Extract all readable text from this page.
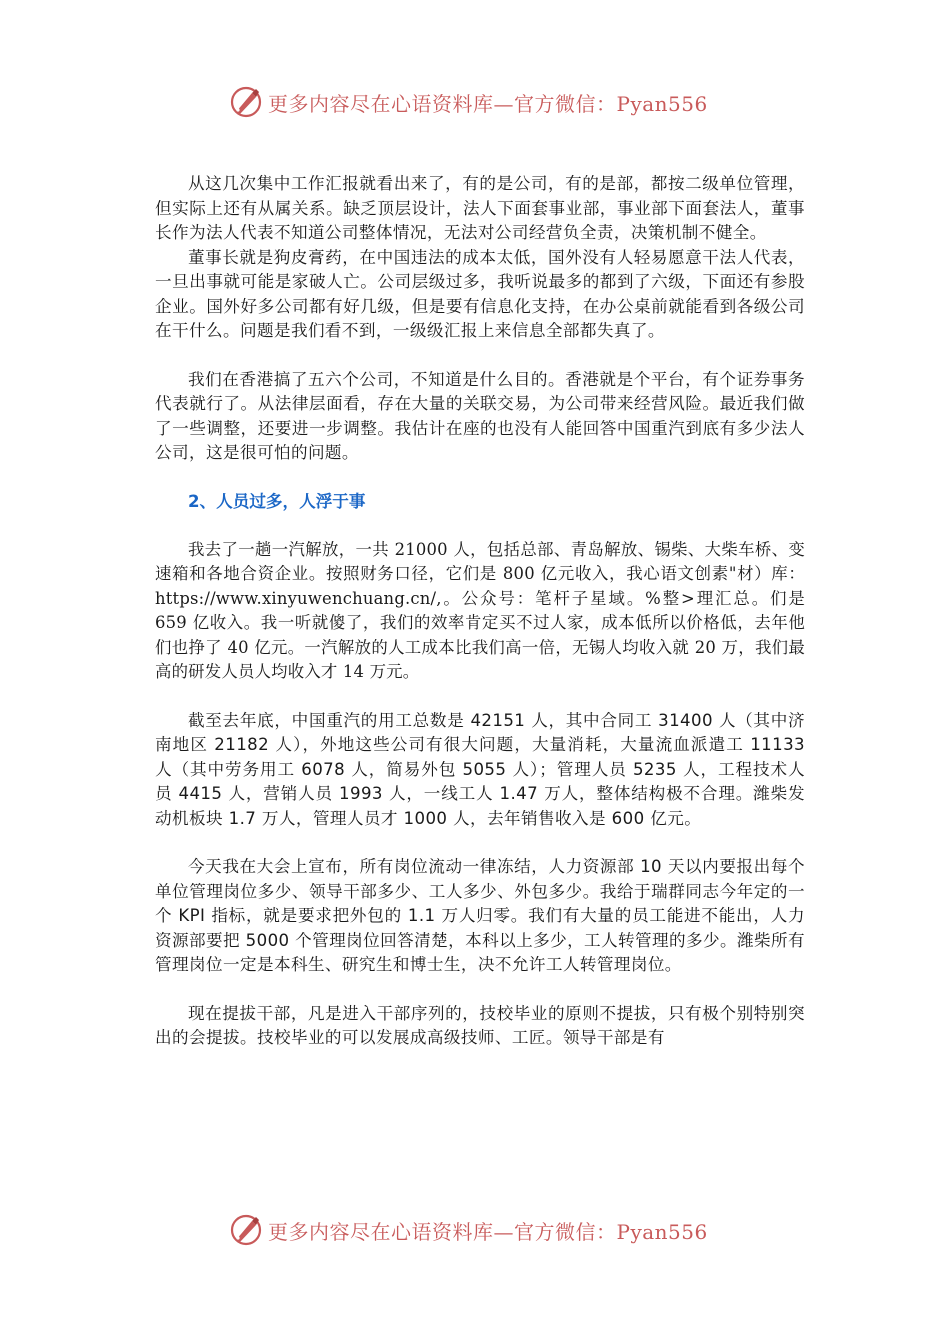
更多内容尽在心语资料库—官方微信：Pyan556

从这几次集中工作汇报就看出来了，有的是公司，有的是部，都按二级单位管理，但实际上还有从属关系。缺乏顶层设计，法人下面套事业部，事业部下面套法人，董事长作为法人代表不知道公司整体情况，无法对公司经营负全责，决策机制不健全。

董事长就是狗皮膏药，在中国违法的成本太低，国外没有人轻易愿意干法人代表，一旦出事就可能是家破人亡。公司层级过多，我听说最多的都到了六级，下面还有参股企业。国外好多公司都有好几级，但是要有信息化支持，在办公桌前就能看到各级公司在干什么。问题是我们看不到，一级级汇报上来信息全部都失真了。

我们在香港搞了五六个公司，不知道是什么目的。香港就是个平台，有个证券事务代表就行了。从法律层面看，存在大量的关联交易，为公司带来经营风险。最近我们做了一些调整，还要进一步调整。我估计在座的也没有人能回答中国重汽到底有多少法人公司，这是很可怕的问题。

2、人员过多，人浮于事

我去了一趟一汽解放，一共 21000 人，包括总部、青岛解放、锡柴、大柴车桥、变速箱和各地合资企业。按照财务口径，它们是 800 亿元收入，我心语文创素"材）库：https://www.xinyuwenchuang.cn/,。公众号：笔杆子星域。%整>理汇总。们是 659 亿收入。我一听就傻了，我们的效率肯定买不过人家，成本低所以价格低，去年他们也挣了 40 亿元。一汽解放的人工成本比我们高一倍，无锡人均收入就 20 万，我们最高的研发人员人均收入才 14 万元。

截至去年底，中国重汽的用工总数是 42151 人，其中合同工 31400 人（其中济南地区 21182 人），外地这些公司有很大问题，大量消耗，大量流血派遣工 11133 人（其中劳务用工 6078 人，简易外包 5055 人）；管理人员 5235 人，工程技术人员 4415 人，营销人员 1993 人，一线工人 1.47 万人，整体结构极不合理。潍柴发动机板块 1.7 万人，管理人员才 1000 人，去年销售收入是 600 亿元。

今天我在大会上宣布，所有岗位流动一律冻结，人力资源部 10 天以内要报出每个单位管理岗位多少、领导干部多少、工人多少、外包多少。我给于瑞群同志今年定的一个 KPI 指标，就是要求把外包的 1.1 万人归零。我们有大量的员工能进不能出，人力资源部要把 5000 个管理岗位回答清楚，本科以上多少，工人转管理的多少。潍柴所有管理岗位一定是本科生、研究生和博士生，决不允许工人转管理岗位。

现在提拔干部，凡是进入干部序列的，技校毕业的原则不提拔，只有极个别特别突出的会提拔。技校毕业的可以发展成高级技师、工匠。领导干部是有

更多内容尽在心语资料库—官方微信：Pyan556
